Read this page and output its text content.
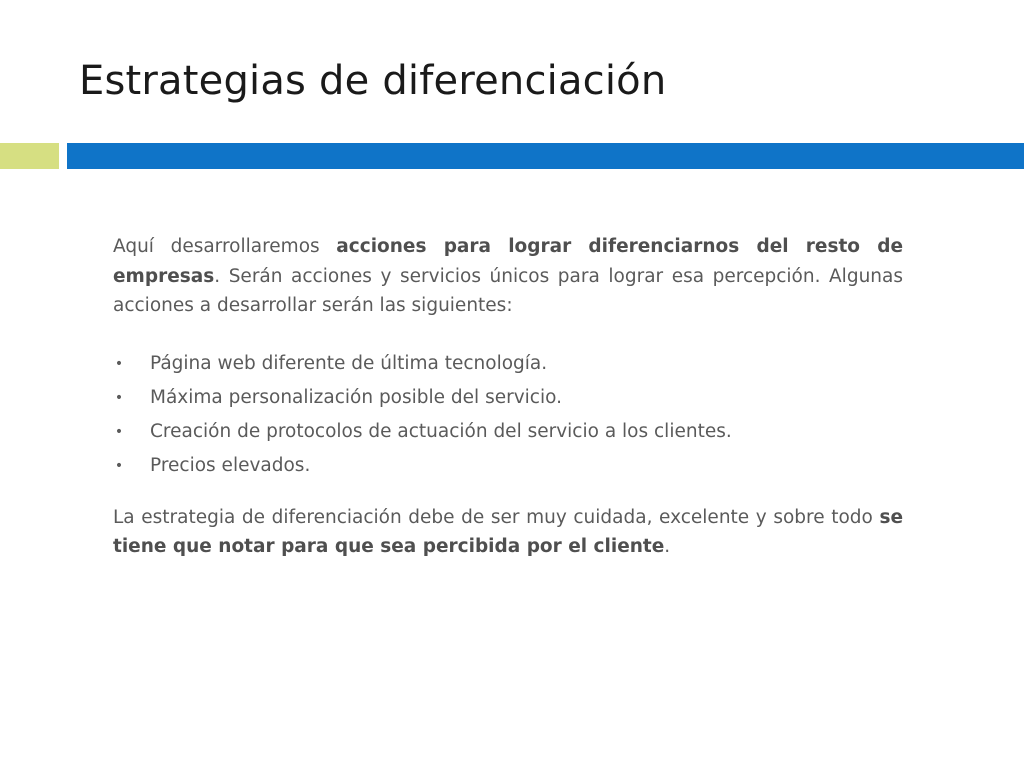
Estrategias de diferenciación

Aquí desarrollaremos acciones para lograr diferenciarnos del resto de empresas. Serán acciones y servicios únicos para lograr esa percepción. Algunas acciones a desarrollar serán las siguientes:

• Página web diferente de última tecnología.
• Máxima personalización posible del servicio.
• Creación de protocolos de actuación del servicio a los clientes.
• Precios elevados.

La estrategia de diferenciación debe de ser muy cuidada, excelente y sobre todo se tiene que notar para que sea percibida por el cliente.
